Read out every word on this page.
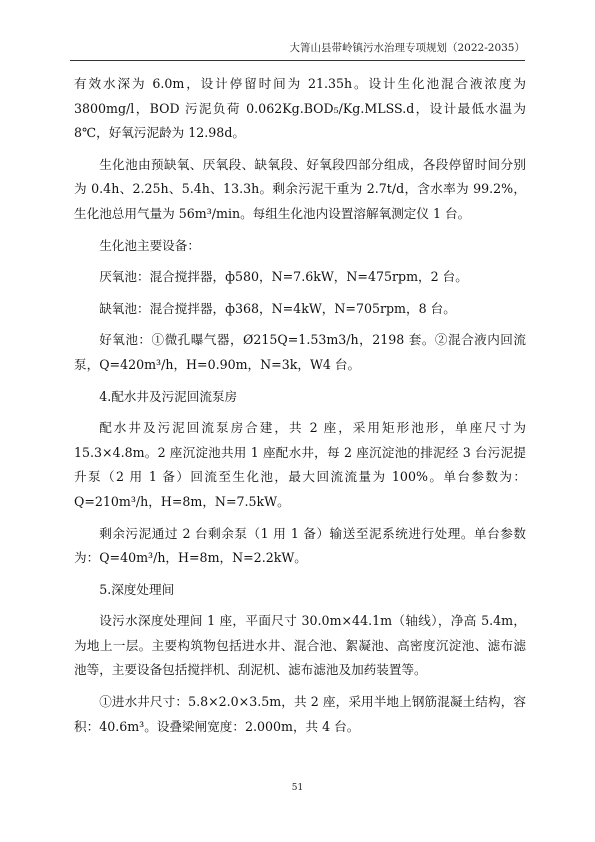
大箐山县带岭镇污水治理专项规划（2022-2035）

有效水深为 6.0m，设计停留时间为 21.35h。设计生化池混合液浓度为 3800mg/l，BOD 污泥负荷 0.062Kg.BOD₅/Kg.MLSS.d，设计最低水温为 8℃，好氧污泥龄为 12.98d。

生化池由预缺氧、厌氧段、缺氧段、好氧段四部分组成，各段停留时间分别为 0.4h、2.25h、5.4h、13.3h。剩余污泥干重为 2.7t/d，含水率为 99.2%，生化池总用气量为 56m³/min。每组生化池内设置溶解氧测定仪 1 台。

生化池主要设备：

厌氧池：混合搅拌器，ф580，N=7.6kW，N=475rpm，2 台。

缺氧池：混合搅拌器，ф368，N=4kW，N=705rpm，8 台。

好氧池：①微孔曝气器，Ø215Q=1.53m3/h，2198 套。②混合液内回流泵，Q=420m³/h，H=0.90m，N=3k，W4 台。

4.配水井及污泥回流泵房

配水井及污泥回流泵房合建，共 2 座，采用矩形池形，单座尺寸为 15.3×4.8m。2 座沉淀池共用 1 座配水井，每 2 座沉淀池的排泥经 3 台污泥提升泵（2 用 1 备）回流至生化池，最大回流流量为 100%。单台参数为：Q=210m³/h，H=8m，N=7.5kW。

剩余污泥通过 2 台剩余泵（1 用 1 备）输送至泥系统进行处理。单台参数为：Q=40m³/h，H=8m，N=2.2kW。

5.深度处理间

设污水深度处理间 1 座，平面尺寸 30.0m×44.1m（轴线），净高 5.4m，为地上一层。主要构筑物包括进水井、混合池、絮凝池、高密度沉淀池、滤布滤池等，主要设备包括搅拌机、刮泥机、滤布滤池及加药装置等。

①进水井尺寸：5.8×2.0×3.5m，共 2 座，采用半地上钢筋混凝土结构，容积：40.6m³。设叠梁闸宽度：2.000m，共 4 台。

51
